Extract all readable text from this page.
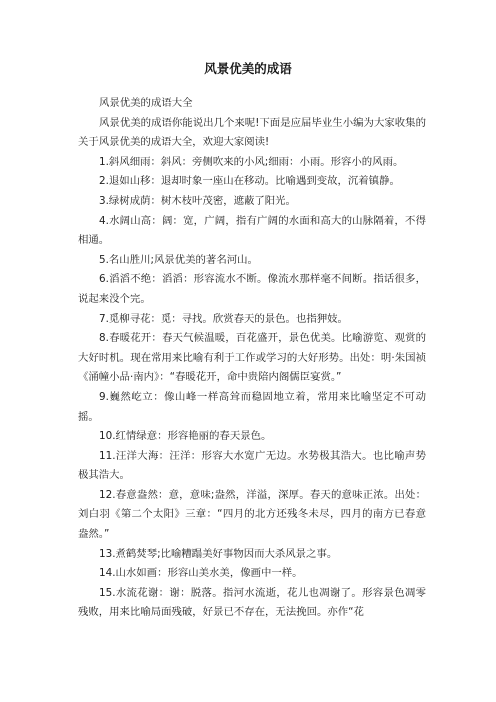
风景优美的成语

风景优美的成语大全

风景优美的成语你能说出几个来呢!下面是应届毕业生小编为大家收集的关于风景优美的成语大全，欢迎大家阅读!

1.斜风细雨：斜风：旁侧吹来的小风;细雨：小雨。形容小的风雨。

2.退如山移：退却时象一座山在移动。比喻遇到变故，沉着镇静。

3.绿树成荫：树木枝叶茂密，遮蔽了阳光。

4.水阔山高：阔：宽，广阔，指有广阔的水面和高大的山脉隔着，不得相通。

5.名山胜川;风景优美的著名河山。

6.滔滔不绝：滔滔：形容流水不断。像流水那样毫不间断。指话很多，说起来没个完。

7.觅柳寻花：觅：寻找。欣赏春天的景色。也指狎妓。

8.春暖花开：春天气候温暖，百花盛开，景色优美。比喻游览、观赏的大好时机。现在常用来比喻有利于工作或学习的大好形势。出处：明·朱国祯《涌幢小品·南内》：“春暖花开，命中贵陪内阁儒臣宴赏。”

9.巍然屹立：像山峰一样高耸而稳固地立着，常用来比喻坚定不可动摇。

10.红情绿意：形容艳丽的春天景色。

11.汪洋大海：汪洋：形容大水宽广无边。水势极其浩大。也比喻声势极其浩大。

12.春意盎然：意，意味;盎然，洋溢，深厚。春天的意味正浓。出处：刘白羽《第二个太阳》三章：“四月的北方还残冬未尽，四月的南方已春意盎然。”

13.煮鹤焚琴;比喻糟蹋美好事物因而大杀风景之事。

14.山水如画：形容山美水美，像画中一样。

15.水流花谢：谢：脱落。指河水流逝，花儿也凋谢了。形容景色凋零残败，用来比喻局面残破，好景已不存在，无法挽回。亦作“花
